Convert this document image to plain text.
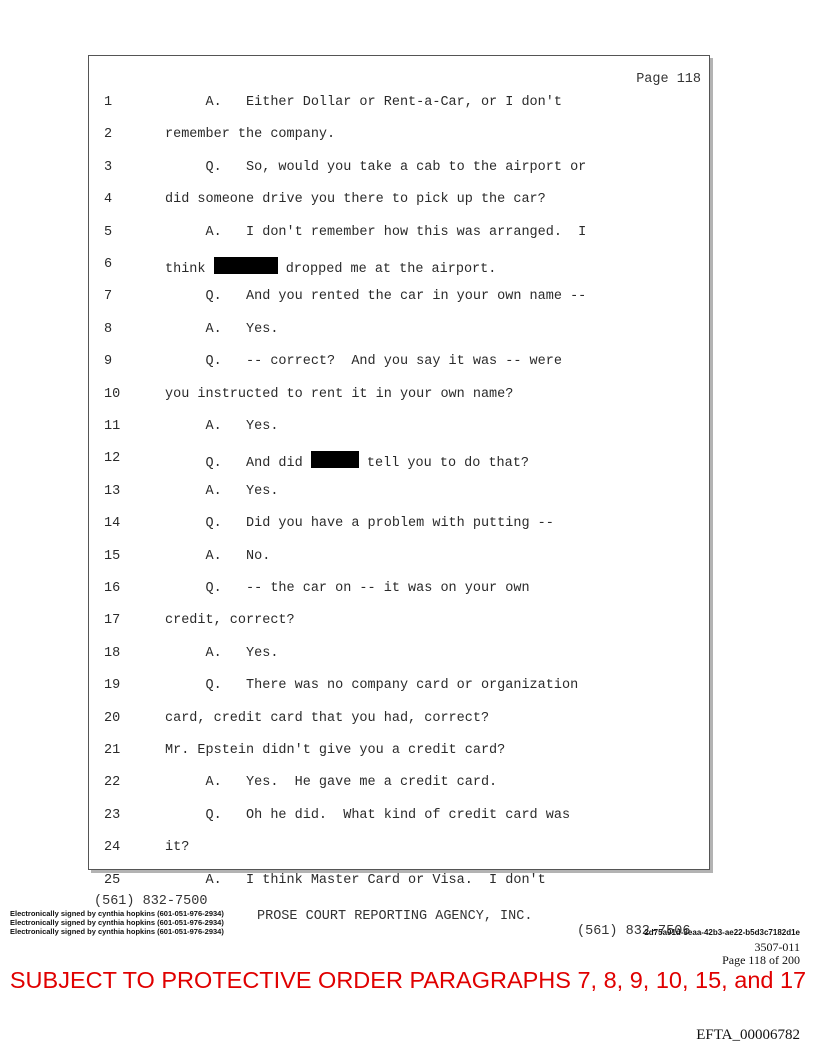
Page 118
1	A.   Either Dollar or Rent-a-Car, or I don't
2	remember the company.
3	Q.   So, would you take a cab to the airport or
4	did someone drive you there to pick up the car?
5	A.   I don't remember how this was arranged.  I
6	think	dropped me at the airport.
7	Q.   And you rented the car in your own name --
8	A.   Yes.
9	Q.   -- correct?  And you say it was -- were
10	you instructed to rent it in your own name?
11	A.   Yes.
12	Q.   And did	tell you to do that?
13	A.   Yes.
14	Q.   Did you have a problem with putting --
15	A.   No.
16	Q.   -- the car on -- it was on your own
17	credit, correct?
18	A.   Yes.
19	Q.   There was no company card or organization
20	card, credit card that you had, correct?
21	Mr. Epstein didn't give you a credit card?
22	A.   Yes.  He gave me a credit card.
23	Q.   Oh he did.  What kind of credit card was
24	it?
25	A.   I think Master Card or Visa.  I don't

(561) 832-7500

PROSE COURT REPORTING AGENCY, INC.

(561) 832-7506

Electronically signed by cynthia hopkins (601-051-976-2934)
Electronically signed by cynthia hopkins (601-051-976-2934)
Electronically signed by cynthia hopkins (601-051-976-2934)	2d75a91d-3eaa-42b3-ae22-b5d3c7182d1e
3507-011
Page 118 of 200
SUBJECT TO PROTECTIVE ORDER PARAGRAPHS 7, 8, 9, 10, 15, and 17
EFTA_00006782
